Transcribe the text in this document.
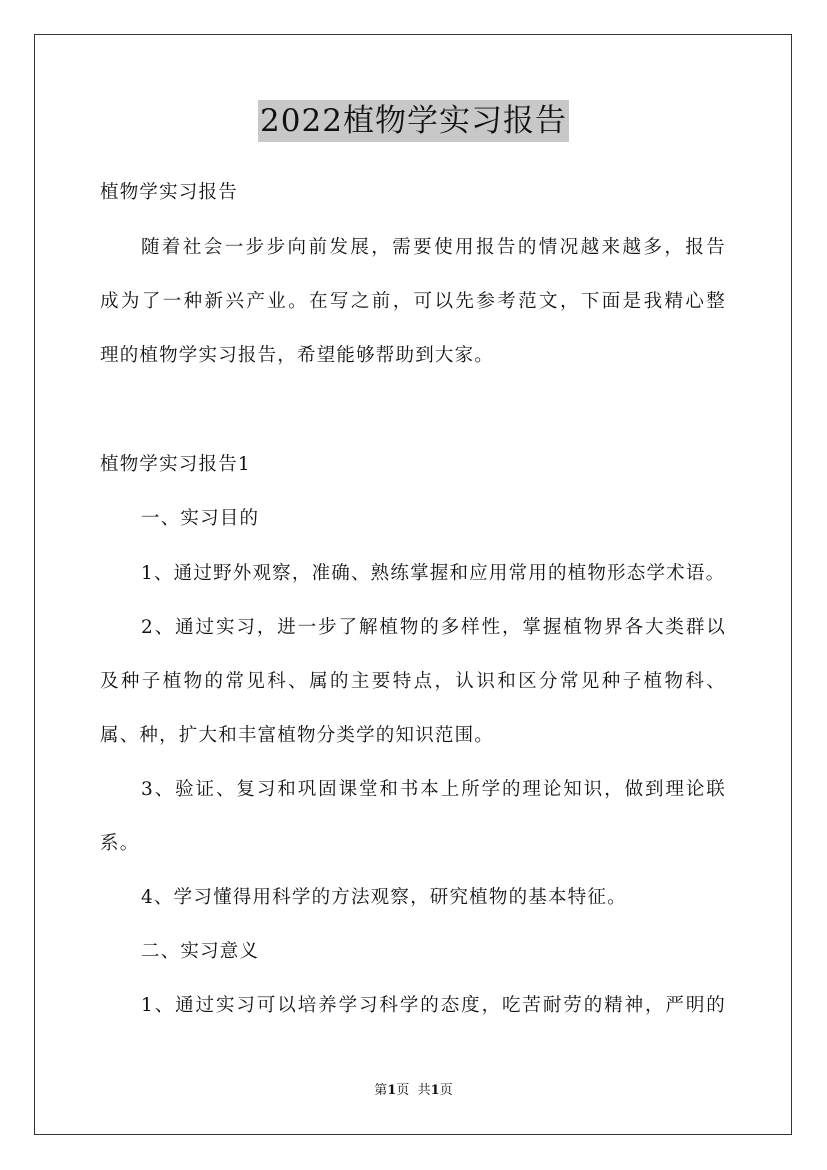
2022植物学实习报告
植物学实习报告
随着社会一步步向前发展，需要使用报告的情况越来越多，报告
成为了一种新兴产业。在写之前，可以先参考范文，下面是我精心整
理的植物学实习报告，希望能够帮助到大家。
植物学实习报告1
一、实习目的
1、通过野外观察，准确、熟练掌握和应用常用的植物形态学术语。
2、通过实习，进一步了解植物的多样性，掌握植物界各大类群以
及种子植物的常见科、属的主要特点，认识和区分常见种子植物科、
属、种，扩大和丰富植物分类学的知识范围。
3、验证、复习和巩固课堂和书本上所学的理论知识，做到理论联
系。
4、学习懂得用科学的方法观察，研究植物的基本特征。
二、实习意义
1、通过实习可以培养学习科学的态度，吃苦耐劳的精神，严明的
第1页 共1页
